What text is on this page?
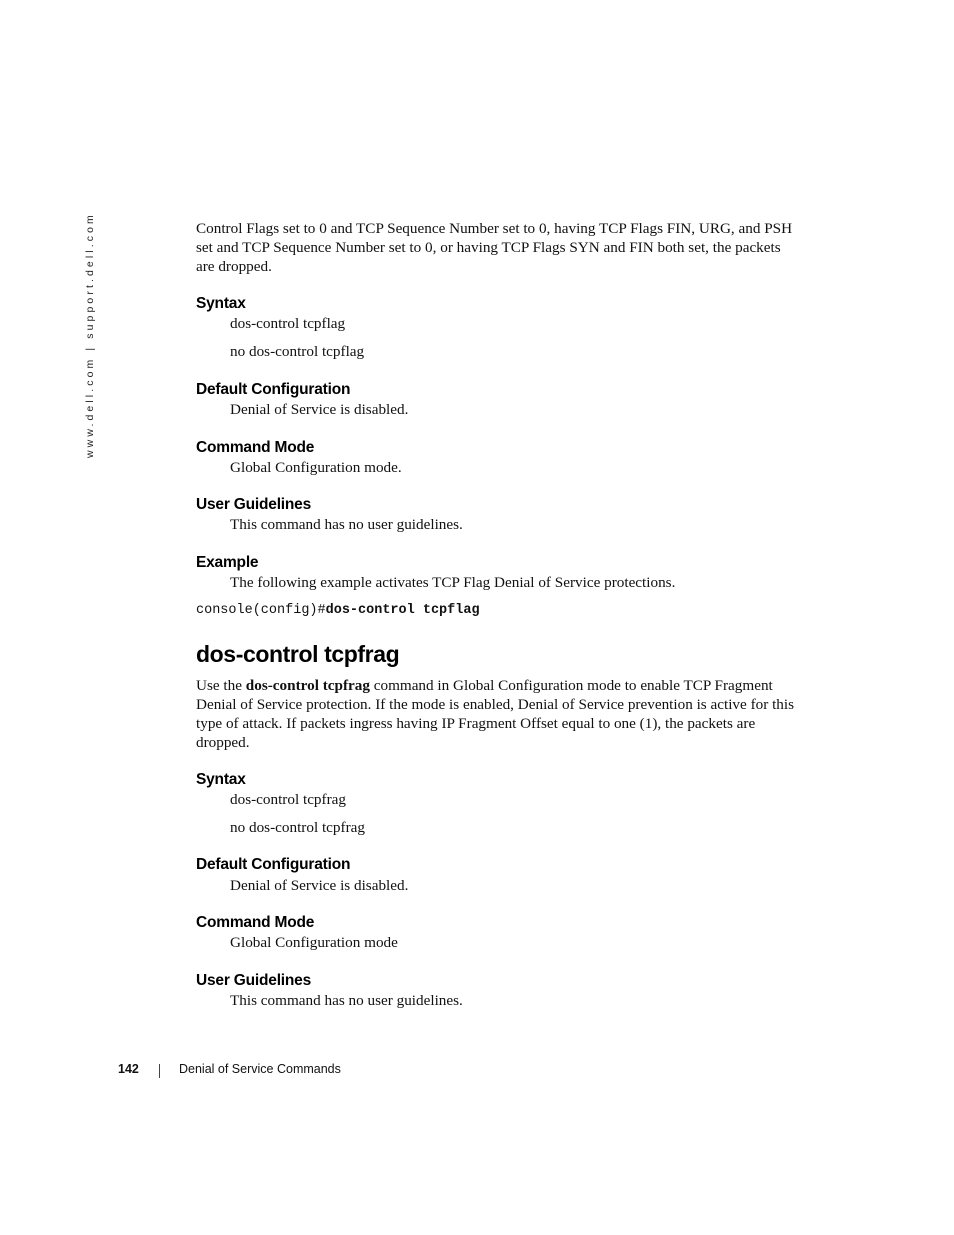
www.dell.com | support.dell.com	Control Flags set to 0 and TCP Sequence Number set to 0, having TCP Flags FIN, URG, and PSH
set and TCP Sequence Number set to 0, or having TCP Flags SYN and FIN both set, the packets
are dropped.
Syntax
dos-control tcpflag
no dos-control tcpflag
Default Configuration
Denial of Service is disabled.
Command Mode
Global Configuration mode.
User Guidelines
This command has no user guidelines.
Example
The following example activates TCP Flag Denial of Service protections.
console(config)#dos-control tcpflag
dos-control tcpfrag
Use the dos-control tcpfrag command in Global Configuration mode to enable TCP Fragment
Denial of Service protection. If the mode is enabled, Denial of Service prevention is active for this
type of attack. If packets ingress having IP Fragment Offset equal to one (1), the packets are
dropped.
Syntax
dos-control tcpfrag
no dos-control tcpfrag
Default Configuration
Denial of Service is disabled.
Command Mode
Global Configuration mode
User Guidelines
This command has no user guidelines.
142	Denial of Service Commands
